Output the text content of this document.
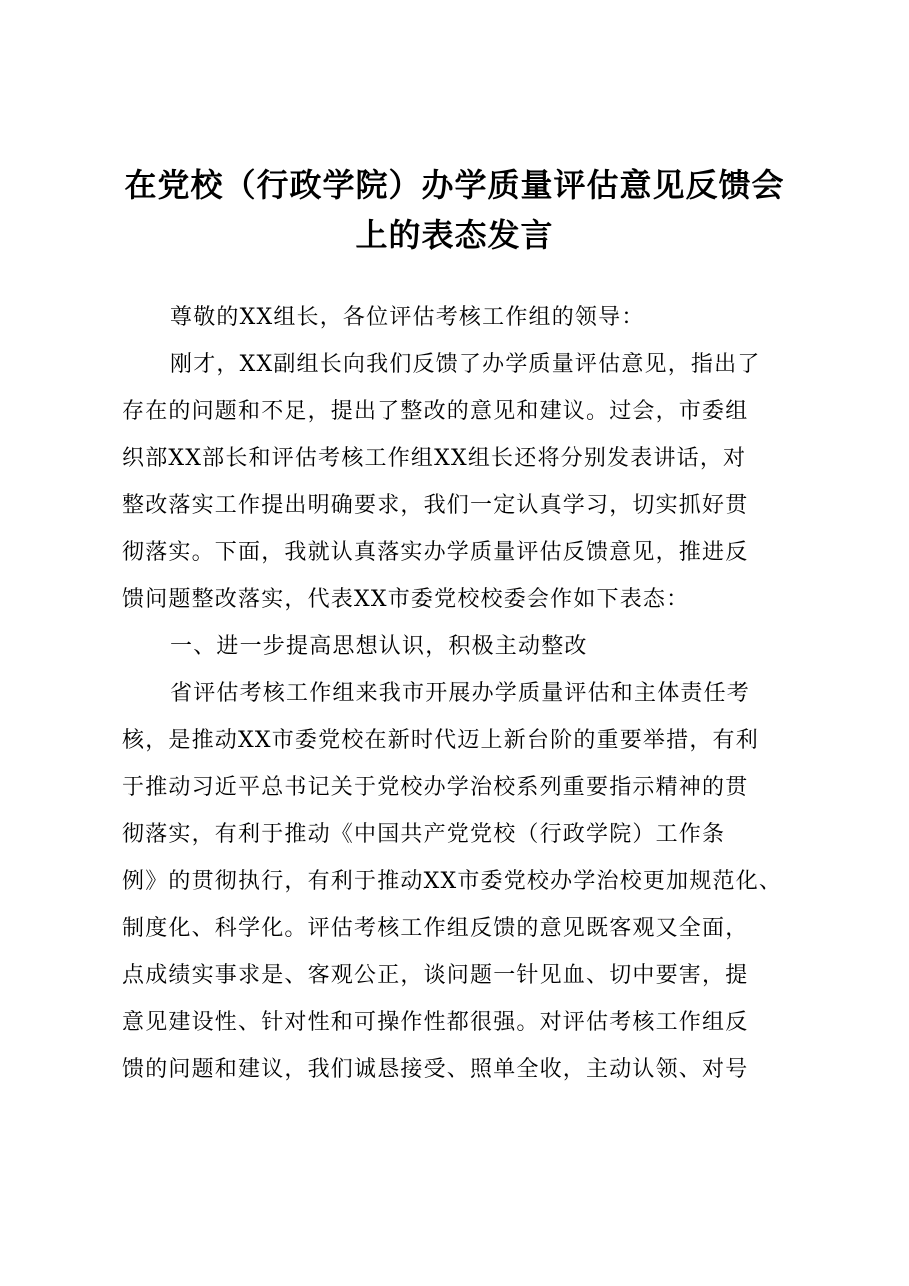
在党校（行政学院）办学质量评估意见反馈会
上的表态发言
尊敬的XX组长，各位评估考核工作组的领导：
刚才，XX副组长向我们反馈了办学质量评估意见，指出了
存在的问题和不足，提出了整改的意见和建议。过会，市委组
织部XX部长和评估考核工作组XX组长还将分别发表讲话，对
整改落实工作提出明确要求，我们一定认真学习，切实抓好贯
彻落实。下面，我就认真落实办学质量评估反馈意见，推进反
馈问题整改落实，代表XX市委党校校委会作如下表态：
一、进一步提高思想认识，积极主动整改
省评估考核工作组来我市开展办学质量评估和主体责任考
核，是推动XX市委党校在新时代迈上新台阶的重要举措，有利
于推动习近平总书记关于党校办学治校系列重要指示精神的贯
彻落实，有利于推动《中国共产党党校（行政学院）工作条
例》的贯彻执行，有利于推动XX市委党校办学治校更加规范化、
制度化、科学化。评估考核工作组反馈的意见既客观又全面，
点成绩实事求是、客观公正，谈问题一针见血、切中要害，提
意见建设性、针对性和可操作性都很强。对评估考核工作组反
馈的问题和建议，我们诚恳接受、照单全收，主动认领、对号
